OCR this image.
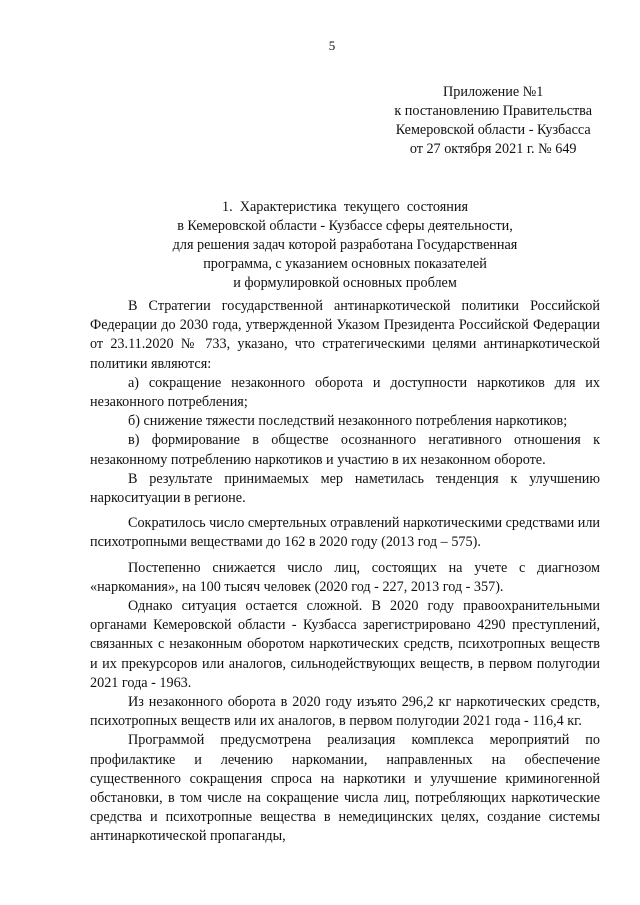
5
Приложение №1
к постановлению Правительства
Кемеровской области - Кузбасса
от 27 октября 2021 г. № 649
1.  Характеристика  текущего  состояния
в Кемеровской области - Кузбассе сферы деятельности,
для решения задач которой разработана Государственная
программа, с указанием основных показателей
и формулировкой основных проблем

В Стратегии государственной антинаркотической политики Российской Федерации до 2030 года, утвержденной Указом Президента Российской Федерации от 23.11.2020 № 733, указано, что стратегическими целями антинаркотической политики являются:

а) сокращение незаконного оборота и доступности наркотиков для их незаконного потребления;

б) снижение тяжести последствий незаконного потребления наркотиков;

в) формирование в обществе осознанного негативного отношения к незаконному потреблению наркотиков и участию в их незаконном обороте.

В результате принимаемых мер наметилась тенденция к улучшению наркоситуации в регионе.

Сократилось число смертельных отравлений наркотическими средствами или психотропными веществами до 162 в 2020 году (2013 год – 575).

Постепенно снижается число лиц, состоящих на учете с диагнозом «наркомания», на 100 тысяч человек (2020 год - 227, 2013 год - 357).

Однако ситуация остается сложной. В 2020 году правоохранительными органами Кемеровской области - Кузбасса зарегистрировано 4290 преступлений, связанных с незаконным оборотом наркотических средств, психотропных веществ и их прекурсоров или аналогов, сильнодействующих веществ, в первом полугодии 2021 года - 1963.

Из незаконного оборота в 2020 году изъято 296,2 кг наркотических средств, психотропных веществ или их аналогов, в первом полугодии 2021 года - 116,4 кг.

Программой предусмотрена реализация комплекса мероприятий по профилактике и лечению наркомании, направленных на обеспечение существенного сокращения спроса на наркотики и улучшение криминогенной обстановки, в том числе на сокращение числа лиц, потребляющих наркотические средства и психотропные вещества в немедицинских целях, создание системы антинаркотической пропаганды,
